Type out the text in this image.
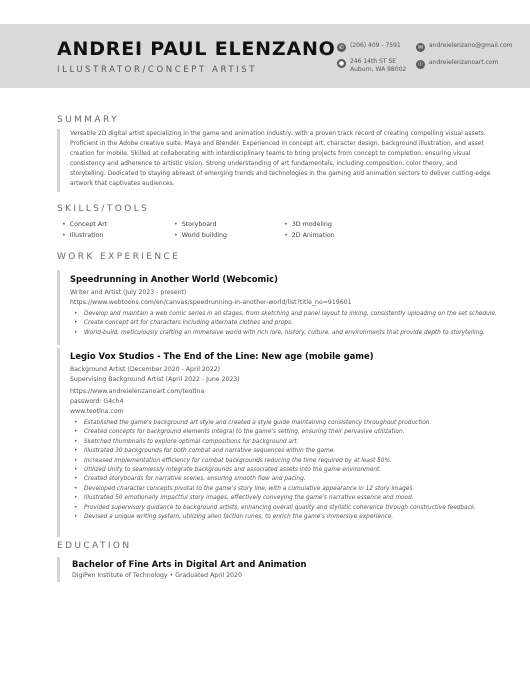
ANDREI PAUL ELENZANO
ILLUSTRATOR/CONCEPT ARTIST
✆ (206) 409 - 7591
● 246 14th ST SE
Auburn, WA 98002
✉ andreielenzano@gmail.com
☉ andreielenzanoart.com
SUMMARY
Versatile 2D digital artist specializing in the game and animation industry, with a proven track record of creating compelling visual assets.
Proficient in the Adobe creative suite, Maya and Blender. Experienced in concept art, character design, background illustration, and asset
creation for mobile. Skilled at collaborating with interdisciplinary teams to bring projects from concept to completion, ensuring visual
consistency and adherence to artistic vision. Strong understanding of art fundamentals, including composition, color theory, and
storytelling. Dedicated to staying abreast of emerging trends and technologies in the gaming and animation sectors to deliver cutting-edge
artwork that captivates audiences.
SKILLS/TOOLS
• Concept Art
• Illustration
• Storyboard
• World building
• 3D modeling
• 2D Animation
WORK EXPERIENCE
Speedrunning in Another World (Webcomic)
Writer and Artist (July 2023 - present)
https://www.webtoons.com/en/canvas/speedrunning-in-another-world/list?title_no=919601
• Develop and maintain a web comic series in all stages, from sketching and panel layout to inking, consistently uploading on the set schedule.
• Create concept art for characters including alternate clothes and props.
• World-build, meticulously crafting an immersive world with rich lore, history, culture, and environments that provide depth to storytelling.
Legio Vox Studios - The End of the Line: New age (mobile game)
Background Artist (December 2020 - April 2022)
Supervising Background Artist (April 2022 - June 2023)
https://www.andreielenzanoart.com/teotlna
password: G4ch4
www.teotlna.com
• Established the game's background art style and created a style guide maintaining consistency throughout production.
• Created concepts for background elements integral to the game's setting, ensuring their pervasive utilization.
• Sketched thumbnails to explore optimal compositions for background art.
• Illustrated 30 backgrounds for both combat and narrative sequences within the game.
• Increased implementation efficiency for combat backgrounds reducing the time required by at least 50%.
• Utilized Unity to seamlessly integrate backgrounds and associated assets into the game environment.
• Created storyboards for narrative scenes, ensuring smooth flow and pacing.
• Developed character concepts pivotal to the game's story line, with a cumulative appearance in 12 story images.
• Illustrated 50 emotionally impactful story images, effectively conveying the game's narrative essence and mood.
• Provided supervisory guidance to background artists, enhancing overall quality and stylistic coherence through constructive feedback.
• Devised a unique writing system, utilizing alien faction runes, to enrich the game's immersive experience.
EDUCATION
Bachelor of Fine Arts in Digital Art and Animation
DigiPen Institute of Technology • Graduated April 2020
